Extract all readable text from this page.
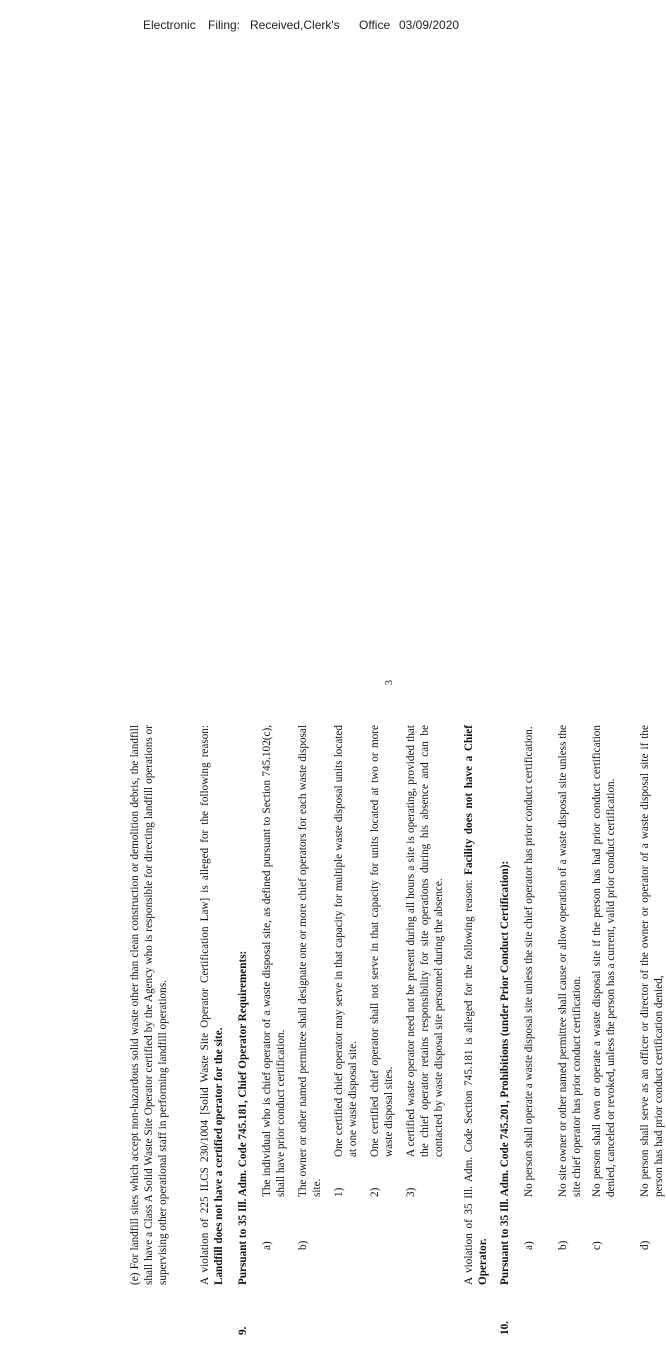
Electronic Filing: Received,Clerk's Office 03/09/2020
(e) For landfill sites which accept non-hazardous solid waste other than clean construction or demolition debris, the landfill shall have a Class A Solid Waste Site Operator certified by the Agency who is responsible for directing landfill operations or supervising other operational staff in performing landfill operations.	A violation of 225 ILCS 230/1004 [Solid Waste Site Operator Certification Law] is alleged for the following reason: Landfill does not have a certified operator for the site.
9.
Pursuant to 35 Ill. Adm. Code 745.181, Chief Operator Requirements: a)
The individual who is chief operator of a waste disposal site, as defined pursuant to Section 745.102(c), shall have prior conduct certification.
b)
The owner or other named permittee shall designate one or more chief operators for each waste disposal site. 1)
One certified chief operator may serve in that capacity for multiple waste disposal units located at one waste disposal site.
2)
One certified chief operator shall not serve in that capacity for units located at two or more waste disposal sites.
3)
A certified waste operator need not be present during all hours a site is operating, provided that the chief operator retains responsibility for site operations during his absence and can be contacted by waste disposal site personnel during the absence. A violation of 35 Ill. Adm. Code Section 745.181 is alleged for the following reason: Facility does not have a Chief Operator.
10.
Pursuant to 35 Ill. Adm. Code 745.201, Prohibitions (under Prior Conduct Certification): a)
No person shall operate a waste disposal site unless the site chief operator has prior conduct certification.
b)
No site owner or other named permittee shall cause or allow operation of a waste disposal site unless the site chief operator has prior conduct certification.
c)
No person shall own or operate a waste disposal site if the person has had prior conduct certification denied, canceled or revoked, unless the person has a current, valid prior conduct certification.
d)
No person shall serve as an officer or director of the owner or operator of a waste disposal site if the person has had prior conduct certification denied,
3
